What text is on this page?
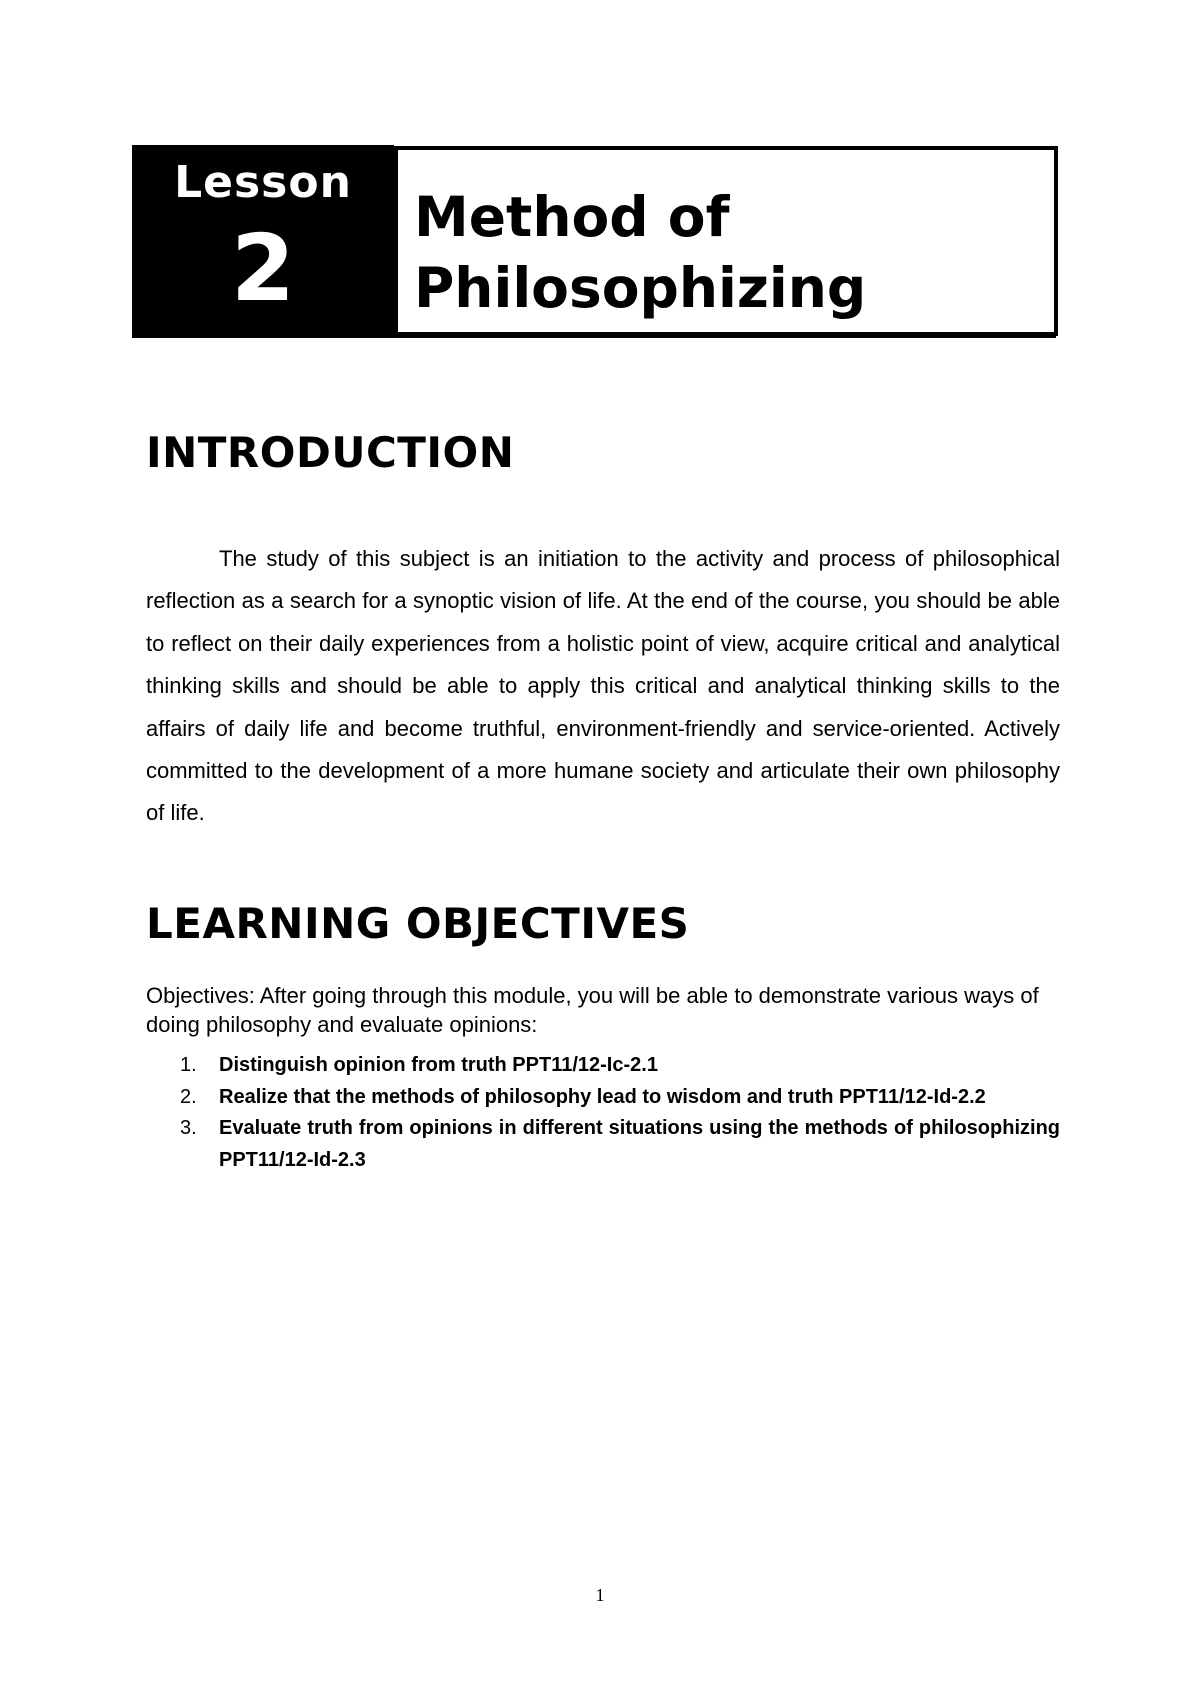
Lesson
2	Method of
Philosophizing
INTRODUCTION

The study of this subject is an initiation to the activity and process of philosophical reflection as a search for a synoptic vision of life. At the end of the course, you should be able to reflect on their daily experiences from a holistic point of view, acquire critical and analytical thinking skills and should be able to apply this critical and analytical thinking skills to the affairs of daily life and become truthful, environment-friendly and service-oriented. Actively committed to the development of a more humane society and articulate their own philosophy of life.

LEARNING OBJECTIVES

Objectives: After going through this module, you will be able to demonstrate various ways of doing philosophy and evaluate opinions:

1. Distinguish opinion from truth PPT11/12-Ic-2.1
2. Realize that the methods of philosophy lead to wisdom and truth PPT11/12-Id-2.2
3. Evaluate truth from opinions in different situations using the methods of philosophizing PPT11/12-Id-2.3
1
